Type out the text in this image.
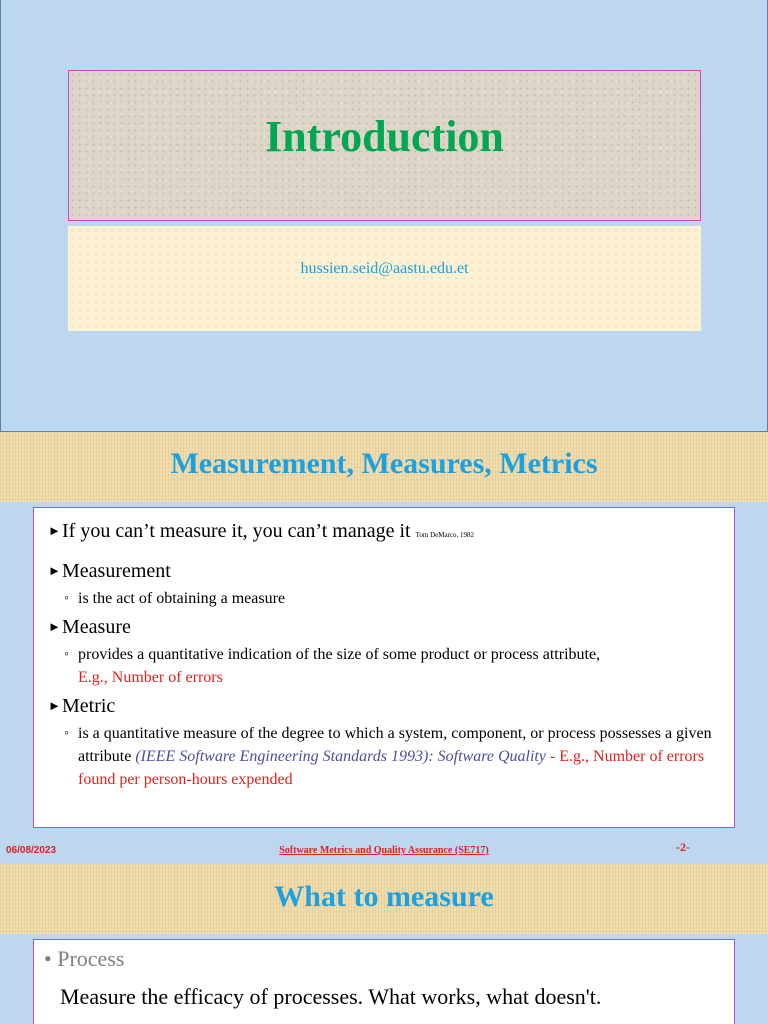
Introduction
hussien.seid@aastu.edu.et
Measurement, Measures, Metrics
► If you can’t measure it, you can’t manage it Tom DeMarco, 1982
► Measurement
◦ is the act of obtaining a measure
► Measure
◦ provides a quantitative indication of the size of some product or process attribute,
E.g., Number of errors
► Metric
◦ is a quantitative measure of the degree to which a system, component, or process possesses a given attribute (IEEE Software Engineering Standards 1993): Software Quality - E.g., Number of errors found per person-hours expended
06/08/2023	Software Metrics and Quality Assurance (SE717)	-2-
What to measure
• Process
Measure the efficacy of processes. What works, what doesn't.
